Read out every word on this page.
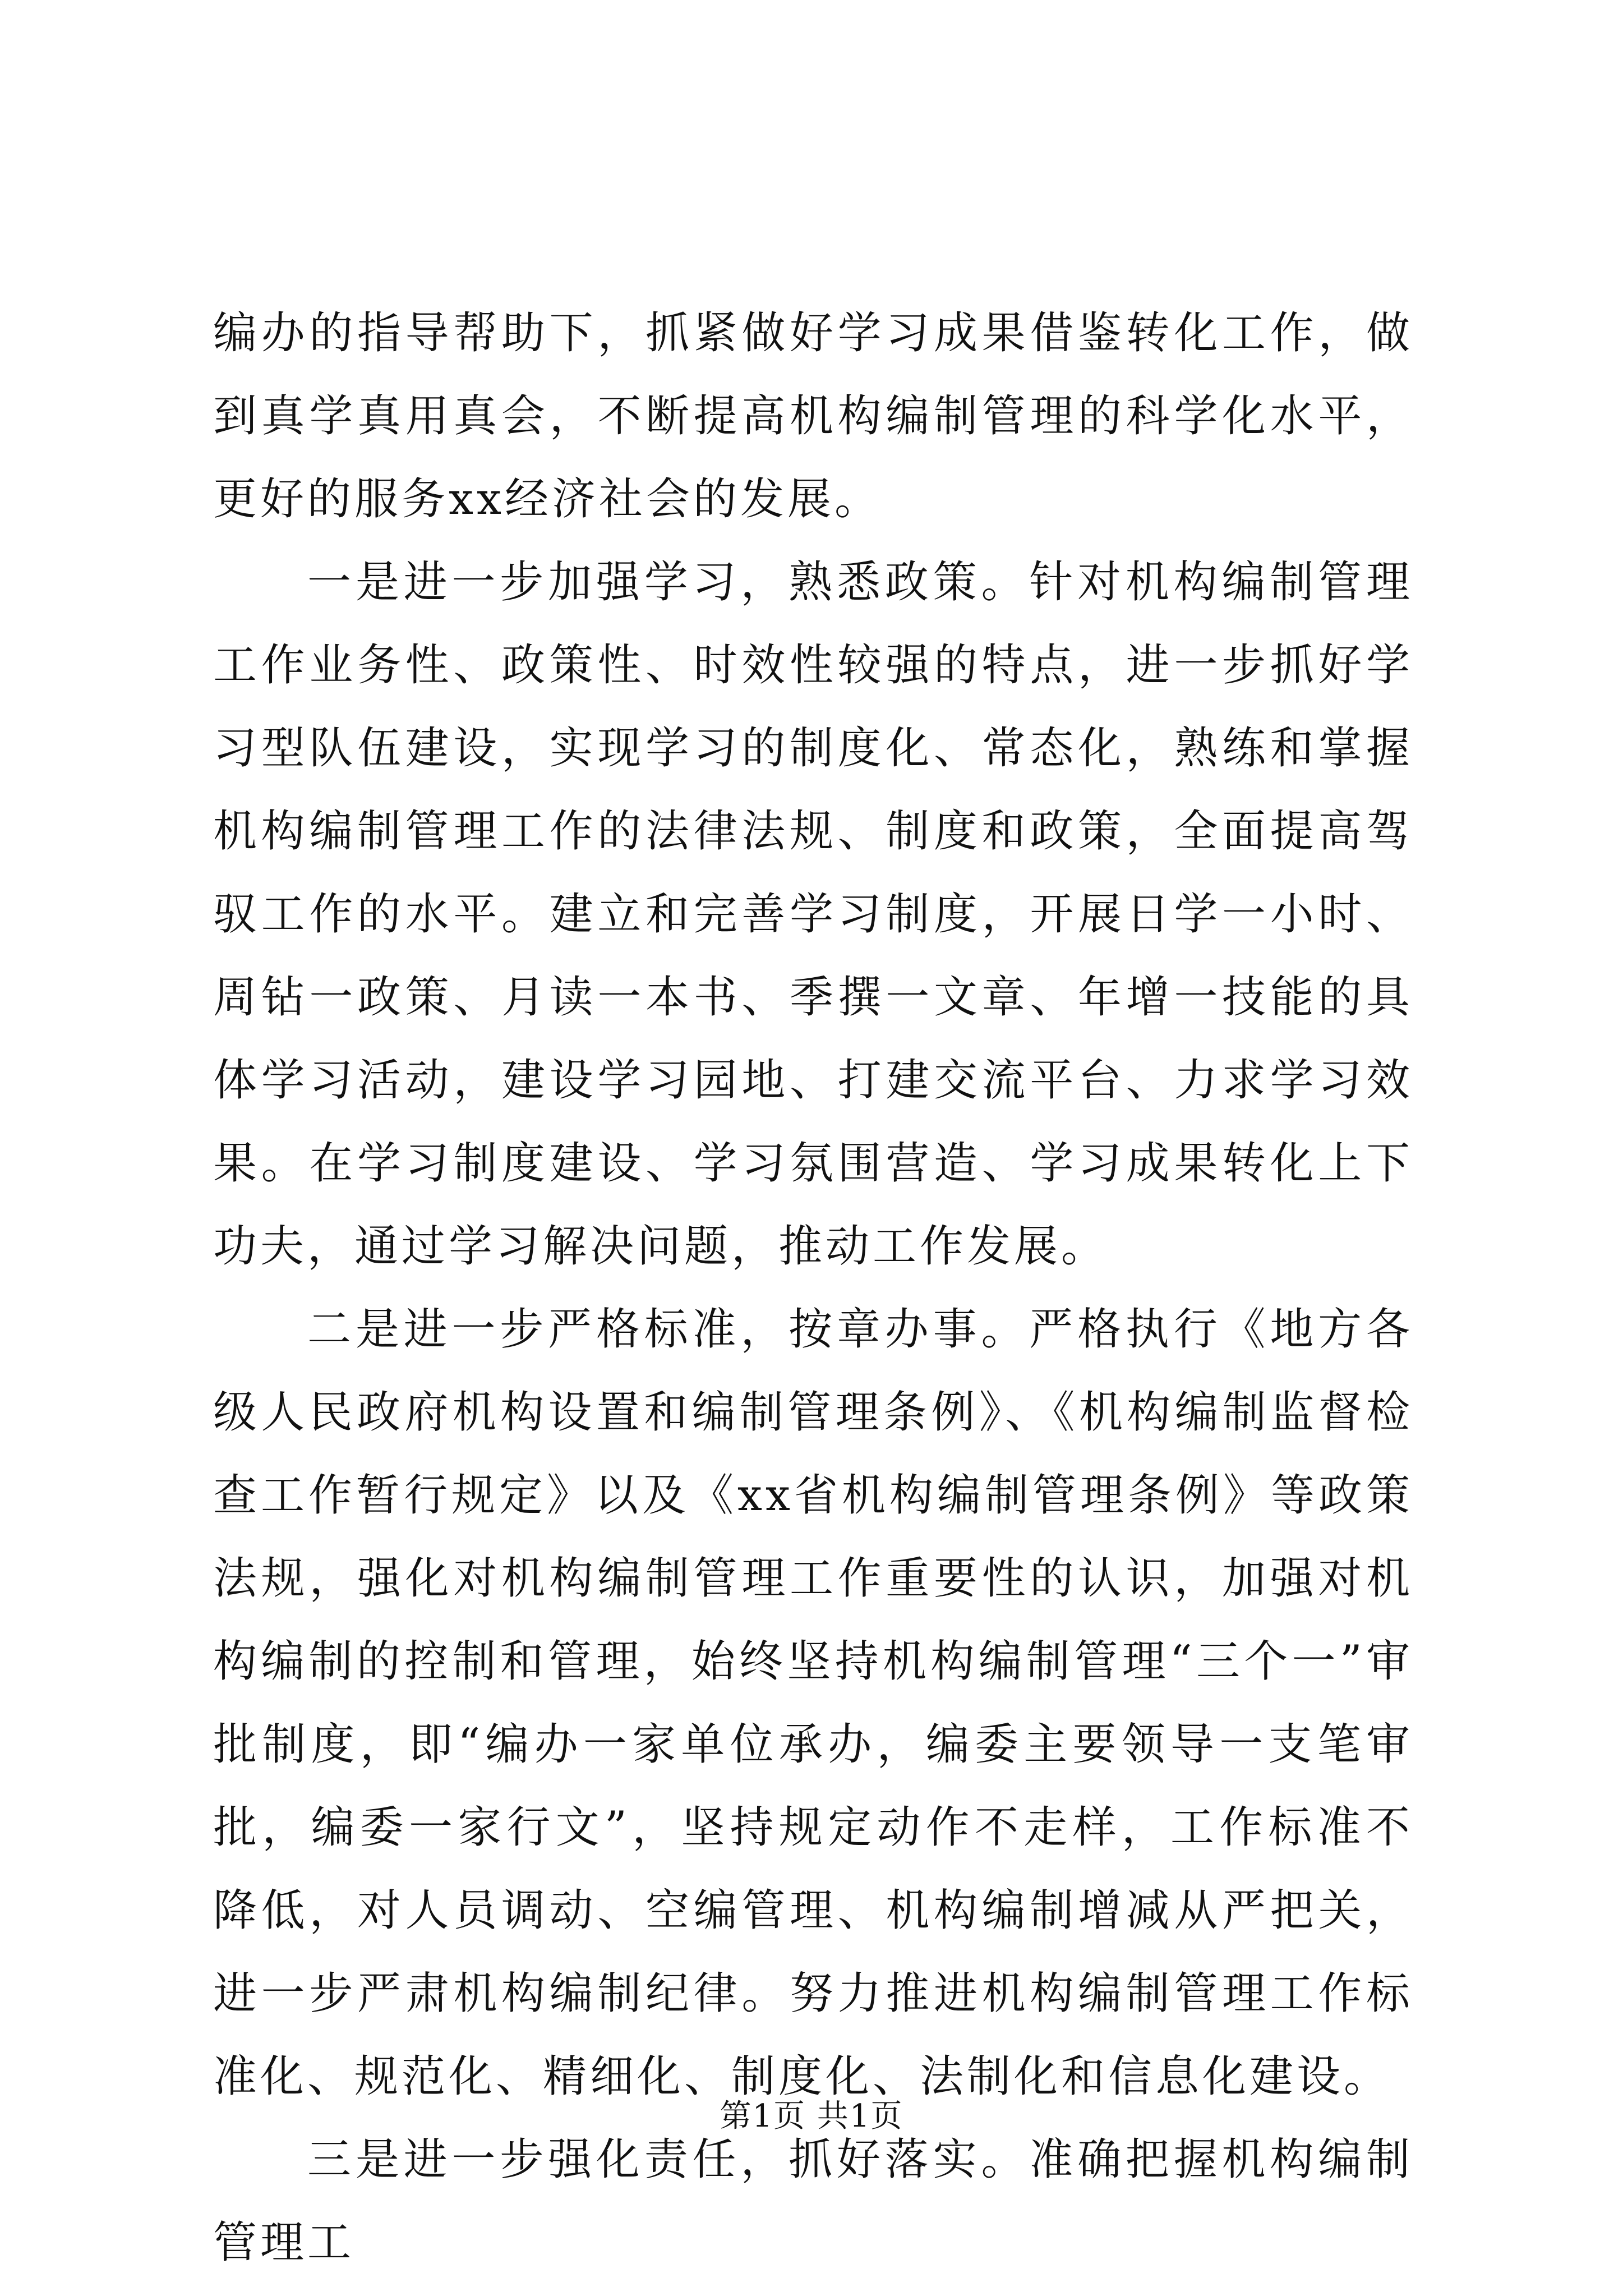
编办的指导帮助下，抓紧做好学习成果借鉴转化工作，做到真学真用真会，不断提高机构编制管理的科学化水平，更好的服务xx经济社会的发展。

一是进一步加强学习，熟悉政策。针对机构编制管理工作业务性、政策性、时效性较强的特点，进一步抓好学习型队伍建设，实现学习的制度化、常态化，熟练和掌握机构编制管理工作的法律法规、制度和政策，全面提高驾驭工作的水平。建立和完善学习制度，开展日学一小时、周钻一政策、月读一本书、季撰一文章、年增一技能的具体学习活动，建设学习园地、打建交流平台、力求学习效果。在学习制度建设、学习氛围营造、学习成果转化上下功夫，通过学习解决问题，推动工作发展。

二是进一步严格标准，按章办事。严格执行《地方各级人民政府机构设置和编制管理条例》、《机构编制监督检查工作暂行规定》以及《xx省机构编制管理条例》等政策法规，强化对机构编制管理工作重要性的认识，加强对机构编制的控制和管理，始终坚持机构编制管理“三个一”审批制度，即“编办一家单位承办，编委主要领导一支笔审批，编委一家行文”，坚持规定动作不走样，工作标准不降低，对人员调动、空编管理、机构编制增减从严把关，进一步严肃机构编制纪律。努力推进机构编制管理工作标准化、规范化、精细化、制度化、法制化和信息化建设。

三是进一步强化责任，抓好落实。准确把握机构编制管理工

第1页 共1页
